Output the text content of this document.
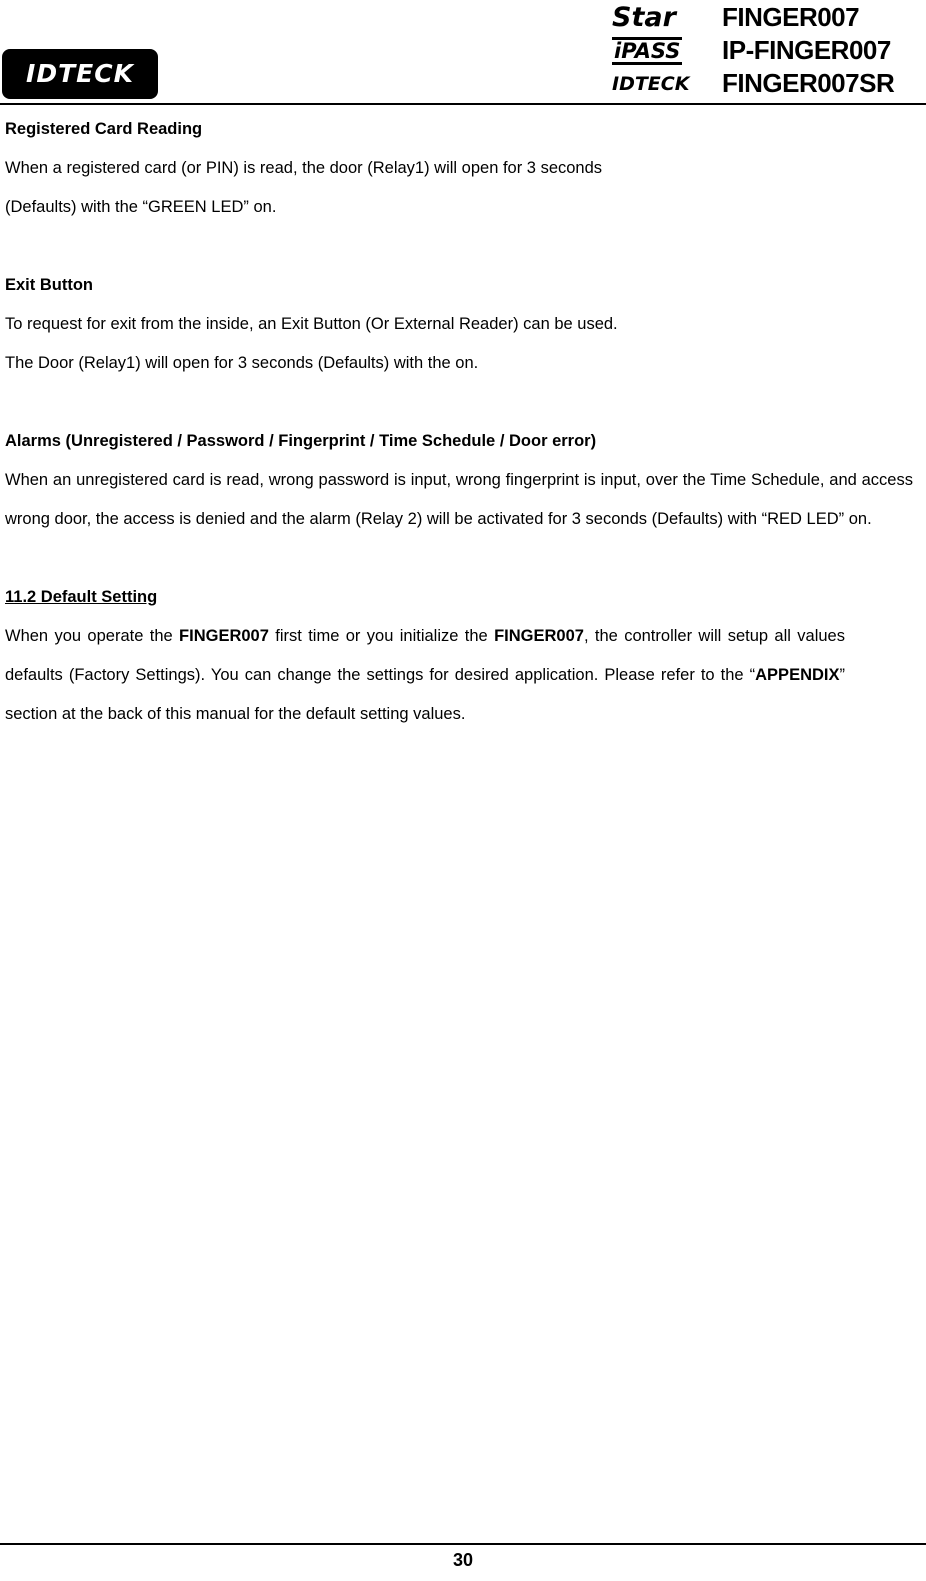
IDTECK
Star FINGER007
iPASS IP-FINGER007
IDTECK FINGER007SR
Registered Card Reading

When a registered card (or PIN) is read, the door (Relay1) will open for 3 seconds

(Defaults) with the “GREEN LED” on.

Exit Button

To request for exit from the inside, an Exit Button (Or External Reader) can be used.

The Door (Relay1) will open for 3 seconds (Defaults) with the on.

Alarms (Unregistered / Password / Fingerprint / Time Schedule / Door error)

When an unregistered card is read, wrong password is input, wrong fingerprint is input, over the Time Schedule, and access wrong door, the access is denied and the alarm (Relay 2) will be activated for 3 seconds (Defaults) with “RED LED” on.

11.2 Default Setting

When you operate the FINGER007 first time or you initialize the FINGER007, the controller will setup all values defaults (Factory Settings). You can change the settings for desired application. Please refer to the “APPENDIX” section at the back of this manual for the default setting values.

30
